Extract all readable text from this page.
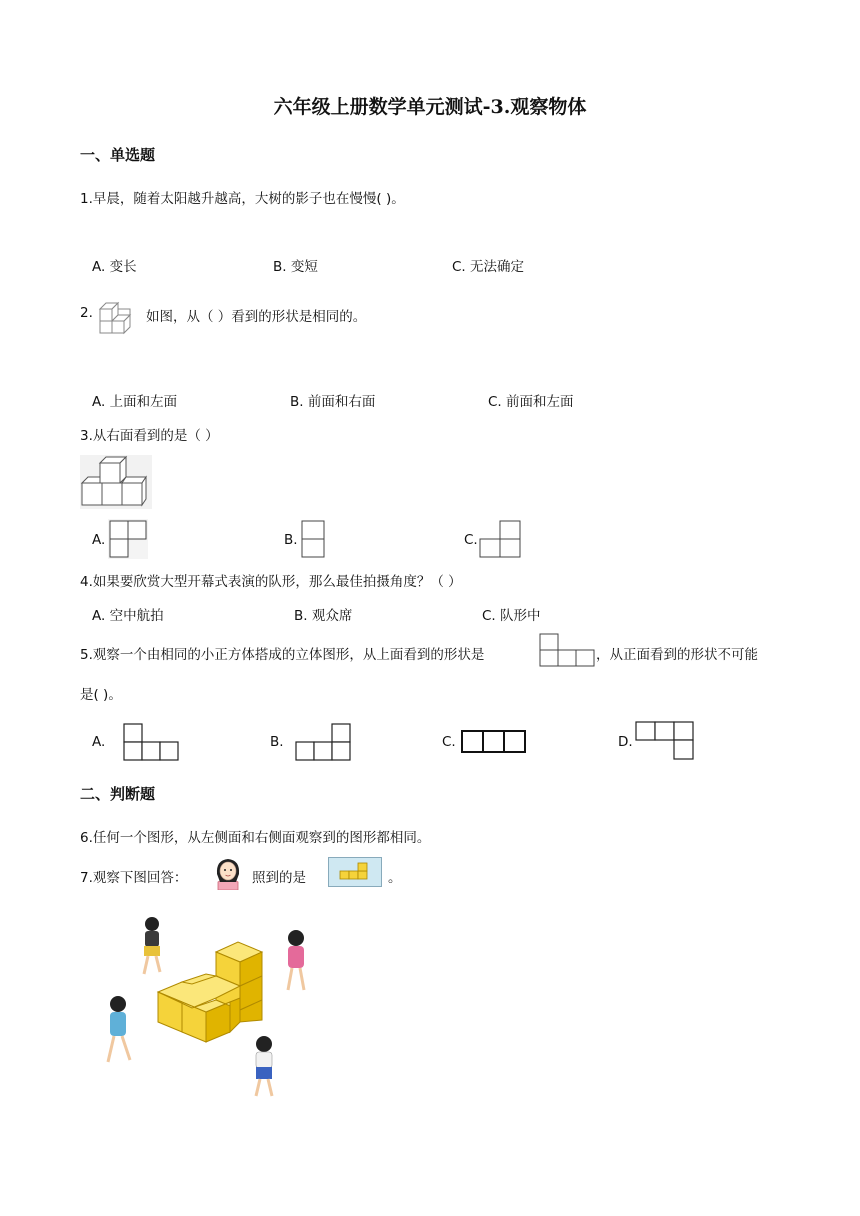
六年级上册数学单元测试-3.观察物体
一、单选题
1.早晨，随着太阳越升越高，大树的影子也在慢慢( )。
A. 变长	B. 变短	C. 无法确定
2.	如图，从（ ）看到的形状是相同的。
A. 上面和左面	B. 前面和右面	C. 前面和左面
3.从右面看到的是（ ）
A.	B.	C.
4.如果要欣赏大型开幕式表演的队形，那么最佳拍摄角度？（ ）
A. 空中航拍	B. 观众席	C. 队形中
5.观察一个由相同的小正方体搭成的立体图形，从上面看到的形状是	，从正面看到的形状不可能
是( )。
A.	B.	C.	D.
二、判断题
6.任何一个图形，从左侧面和右侧面观察到的图形都相同。
7.观察下图回答：	照到的是	。
